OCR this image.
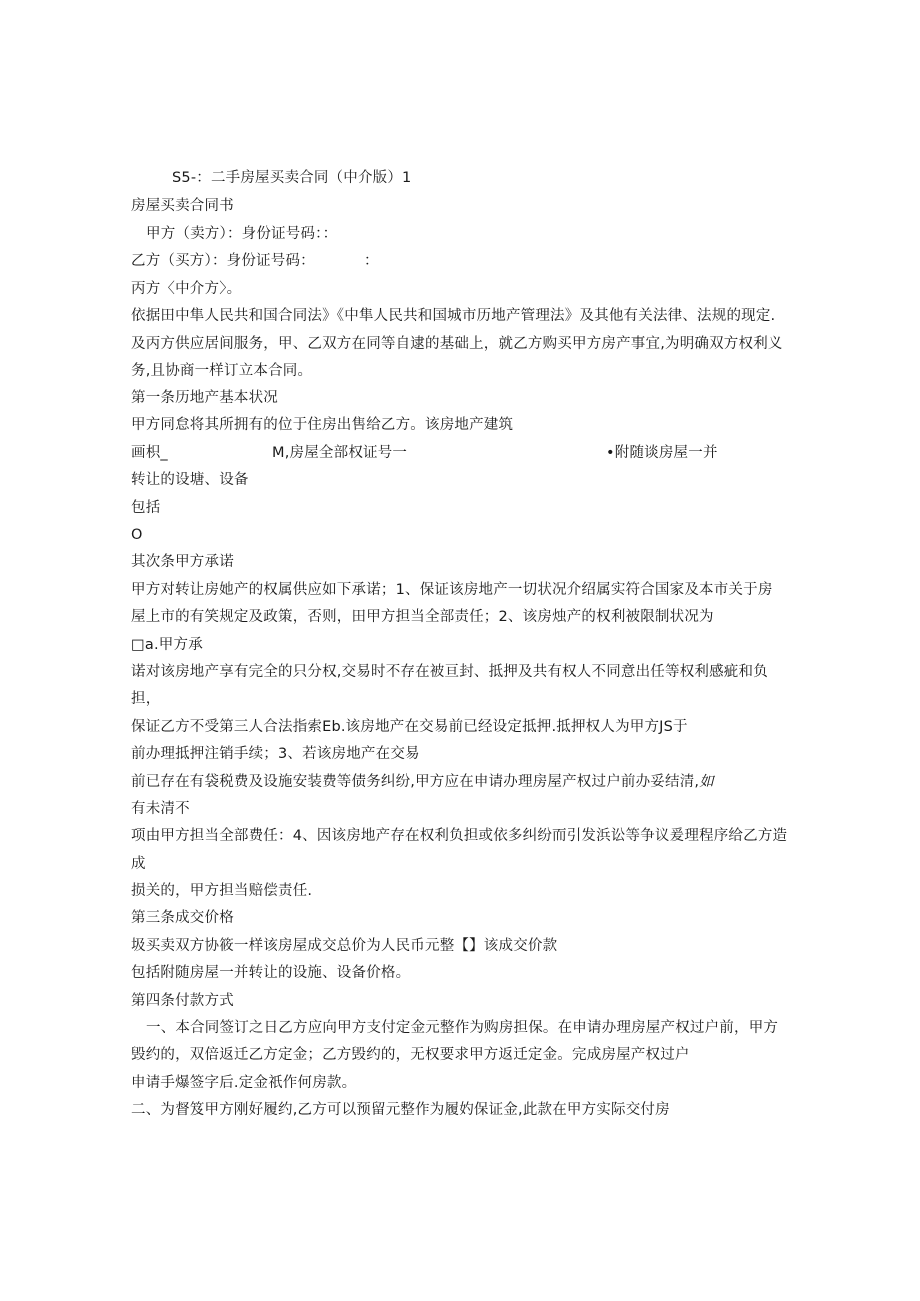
S5-：二手房屋买卖合同（中介版）1
房屋买卖合同书
甲方（卖方）：身份证号码：：
乙方（买方）：身份证号码：	：
丙方〈中介方〉。
依据田中隼人民共和国合同法》《中隼人民共和国城市历地产管理法》及其他有关法律、法规的现定.
及丙方供应居间服务，甲、乙双方在同等自逮的基础上，就乙方购买甲方房产事宜,为明确双方权利义
务,且协商一样订立本合同。
第一条历地产基本状况
甲方同怠将其所拥有的位于住房出售给乙方。该房地产建筑
画枳_	M,房屋全部权证号一	•附随谈房屋一并
转让的设塘、设备
包括
O
其次条甲方承诺
甲方对转让房她产的权属供应如下承诺；1、保证该房地产一切状况介绍属实符合国家及本市关于房
屋上市的有笑规定及政策，否则，田甲方担当全部责任；2、该房烛产的权利被限制状况为
□a.甲方承
诺对该房地产享有完全的只分权,交易时不存在被亘封、抵押及共有权人不同意出任等权利感疵和负
担，
保证乙方不受第三人合法指索Eb.该房地产在交易前已经设定抵押.抵押权人为甲方JS于
前办理抵押注销手续；3、若该房地产在交易
前已存在有袋税费及设施安装费等债务纠纷,甲方应在申请办理房屋产权过户前办妥结清,如
有未清不
项由甲方担当全部费任：4、因该房地产存在权利负担或依多纠纷而引发浜讼等争议爰理程序给乙方造
成
损关的，甲方担当赔偿责任.
第三条成交价格
圾买卖双方协筱一样该房屋成交总价为人民币元整【】该成交价款
包括附随房屋一并转让的设施、设备价格。
第四条付款方式
一、本合同签订之日乙方应向甲方支付定金元整作为购房担保。在申请办理房屋产权过户前，甲方
毁约的，双倍返迁乙方定金；乙方毁约的，无权要求甲方返迁定金。完成房屋产权过户
申请手爆签字后.定金祇作何房款。
二、为督笈甲方刚好履约,乙方可以预留元整作为履妁保证金,此款在甲方实际交付房
